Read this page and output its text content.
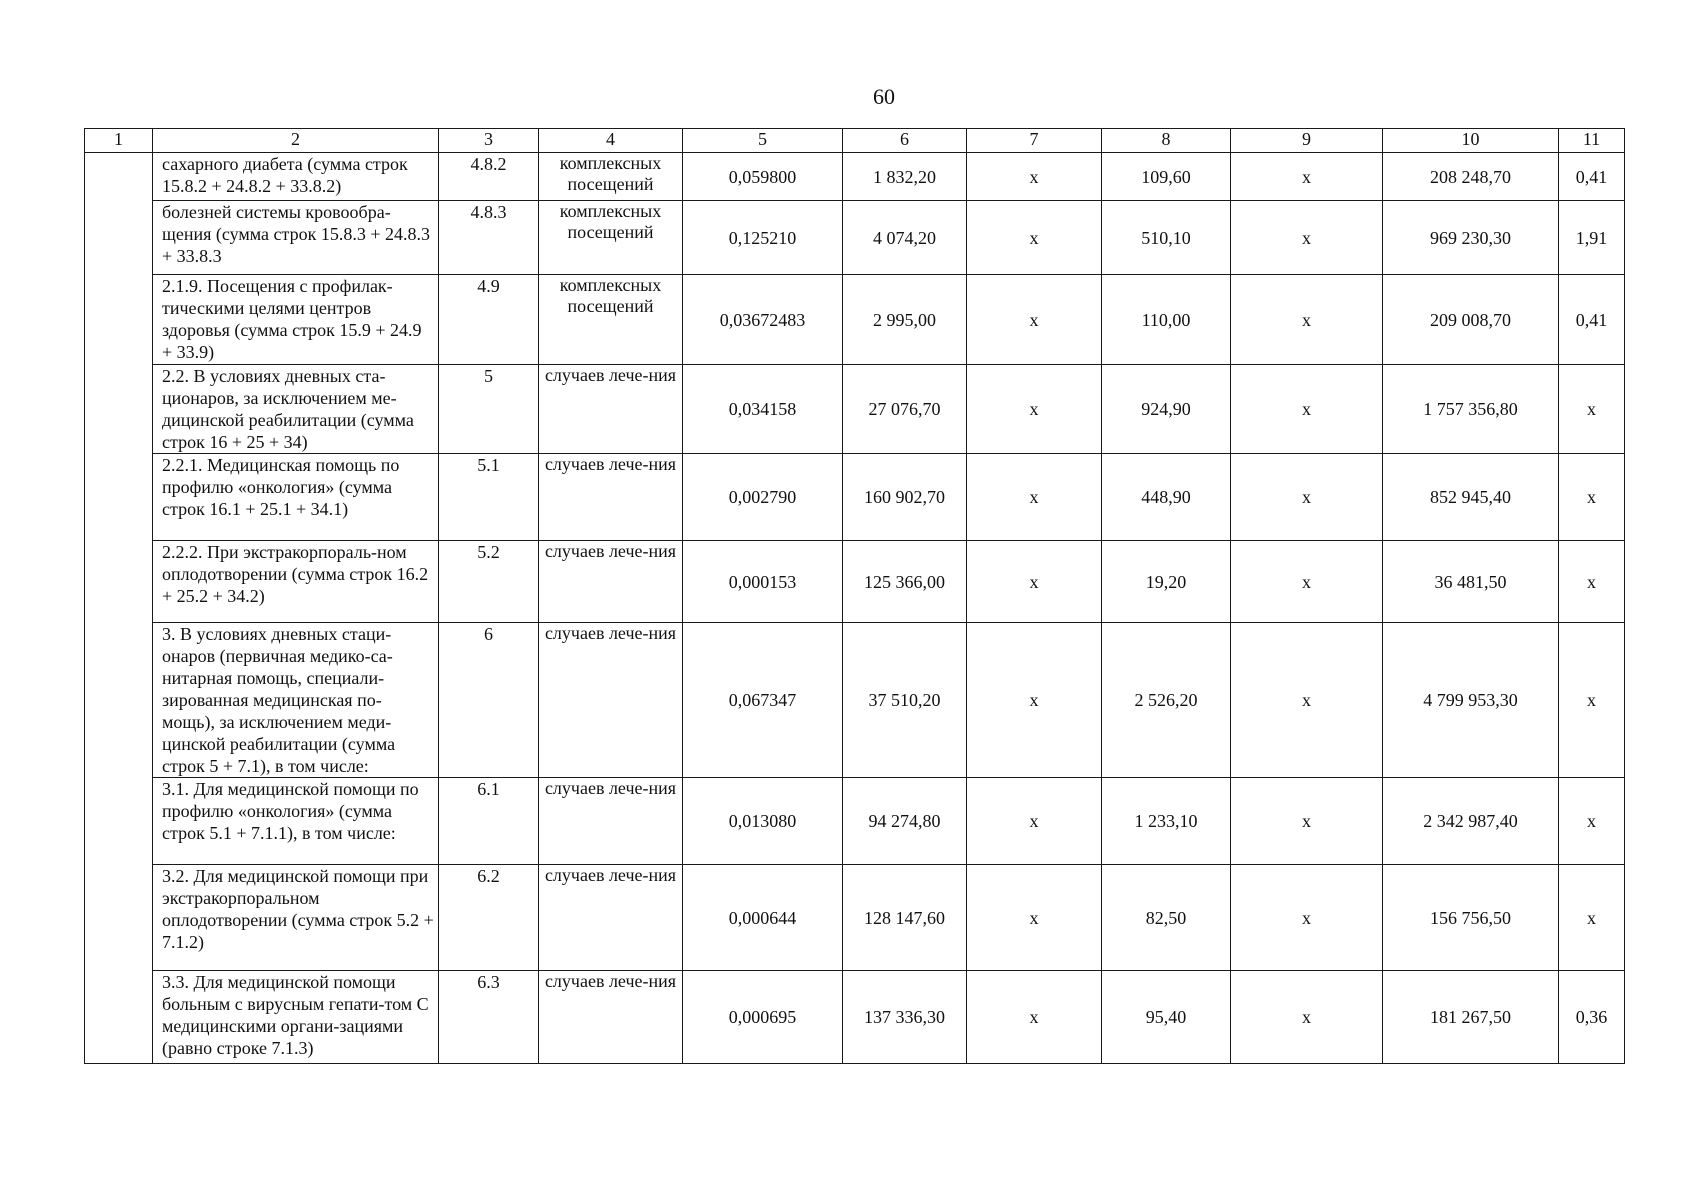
60
1	2	3	4	5	6	7	8	9	10	11
	сахарного диабета (сумма строк 15.8.2 + 24.8.2 + 33.8.2)	4.8.2	комплексных посещений	0,059800	1 832,20	х	109,60	х	208 248,70	0,41
	болезней системы кровообра-щения (сумма строк 15.8.3 + 24.8.3 + 33.8.3	4.8.3	комплексных посещений	0,125210	4 074,20	х	510,10	х	969 230,30	1,91
	2.1.9. Посещения с профилак-тическими целями центров здоровья (сумма строк 15.9 + 24.9 + 33.9)	4.9	комплексных посещений	0,03672483	2 995,00	х	110,00	х	209 008,70	0,41
	2.2. В условиях дневных ста-ционаров, за исключением ме-дицинской реабилитации (сумма строк 16 + 25 + 34)	5	случаев лече-ния	0,034158	27 076,70	х	924,90	х	1 757 356,80	х
	2.2.1. Медицинская помощь по профилю «онкология» (сумма строк 16.1 + 25.1 + 34.1)	5.1	случаев лече-ния	0,002790	160 902,70	х	448,90	х	852 945,40	х
	2.2.2. При экстракорпораль-ном оплодотворении (сумма строк 16.2 + 25.2 + 34.2)	5.2	случаев лече-ния	0,000153	125 366,00	х	19,20	х	36 481,50	х
	3. В условиях дневных стаци-онаров (первичная медико-са-нитарная помощь, специали-зированная медицинская по-мощь), за исключением меди-цинской реабилитации (сумма строк 5 + 7.1), в том числе:	6	случаев лече-ния	0,067347	37 510,20	х	2 526,20	х	4 799 953,30	х
	3.1. Для медицинской помощи по профилю «онкология» (сумма строк 5.1 + 7.1.1), в том числе:	6.1	случаев лече-ния	0,013080	94 274,80	х	1 233,10	х	2 342 987,40	х
	3.2. Для медицинской помощи при экстракорпоральном оплодотворении (сумма строк 5.2 + 7.1.2)	6.2	случаев лече-ния	0,000644	128 147,60	х	82,50	х	156 756,50	х
	3.3. Для медицинской помощи больным с вирусным гепати-том С медицинскими органи-зациями (равно строке 7.1.3)	6.3	случаев лече-ния	0,000695	137 336,30	х	95,40	х	181 267,50	0,36
